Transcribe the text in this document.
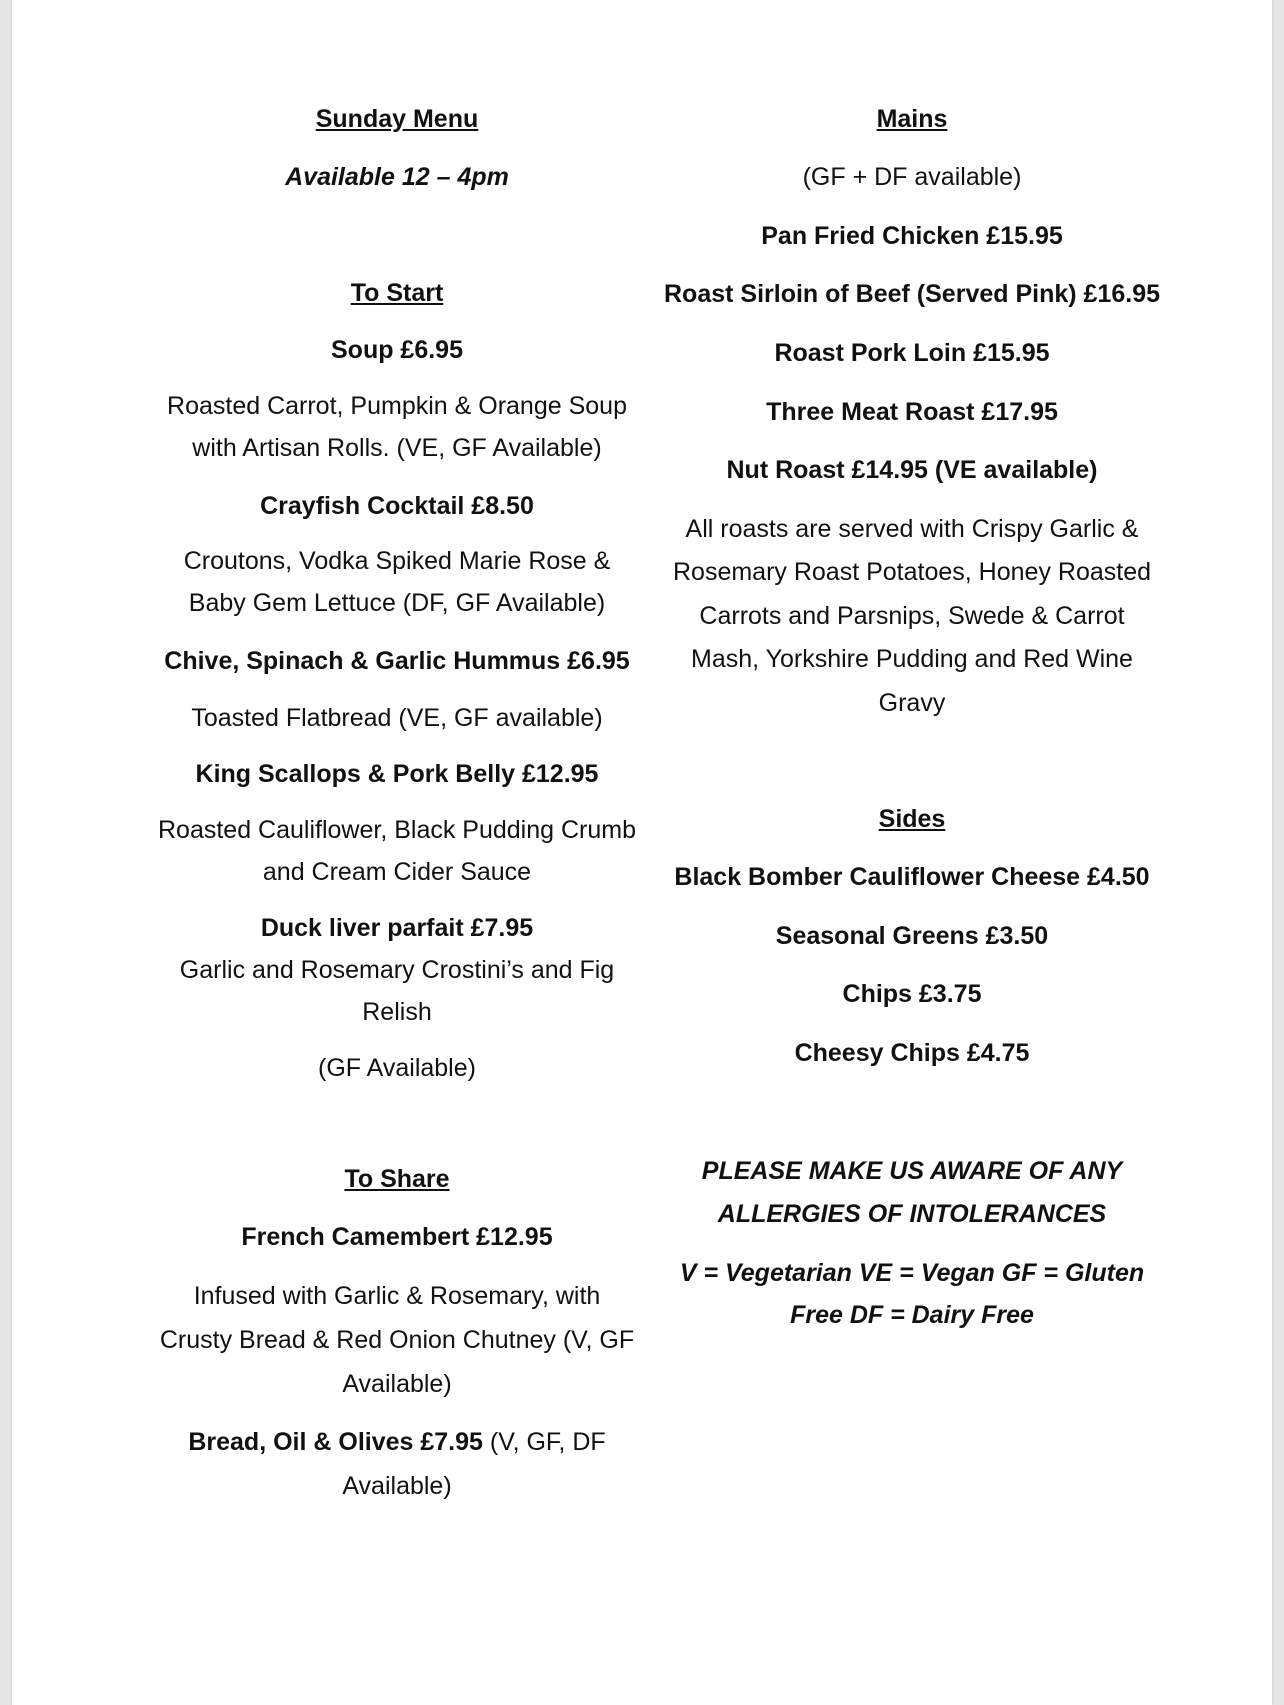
Sunday Menu
Available 12 – 4pm
To Start
Soup £6.95
Roasted Carrot, Pumpkin & Orange Soup
with Artisan Rolls. (VE, GF Available)
Crayfish Cocktail £8.50
Croutons, Vodka Spiked Marie Rose &
Baby Gem Lettuce (DF, GF Available)
Chive, Spinach & Garlic Hummus £6.95
Toasted Flatbread (VE, GF available)
King Scallops & Pork Belly £12.95
Roasted Cauliflower, Black Pudding Crumb
and Cream Cider Sauce
Duck liver parfait £7.95
Garlic and Rosemary Crostini’s and Fig
Relish
(GF Available)
To Share
French Camembert £12.95
Infused with Garlic & Rosemary, with
Crusty Bread & Red Onion Chutney (V, GF
Available)
Bread, Oil & Olives £7.95 (V, GF, DF
Available)
Mains
(GF + DF available)
Pan Fried Chicken £15.95
Roast Sirloin of Beef (Served Pink) £16.95
Roast Pork Loin £15.95
Three Meat Roast £17.95
Nut Roast £14.95 (VE available)
All roasts are served with Crispy Garlic &
Rosemary Roast Potatoes, Honey Roasted
Carrots and Parsnips, Swede & Carrot
Mash, Yorkshire Pudding and Red Wine
Gravy
Sides
Black Bomber Cauliflower Cheese £4.50
Seasonal Greens £3.50
Chips £3.75
Cheesy Chips £4.75
PLEASE MAKE US AWARE OF ANY
ALLERGIES OF INTOLERANCES
V = Vegetarian VE = Vegan GF = Gluten
Free DF = Dairy Free
